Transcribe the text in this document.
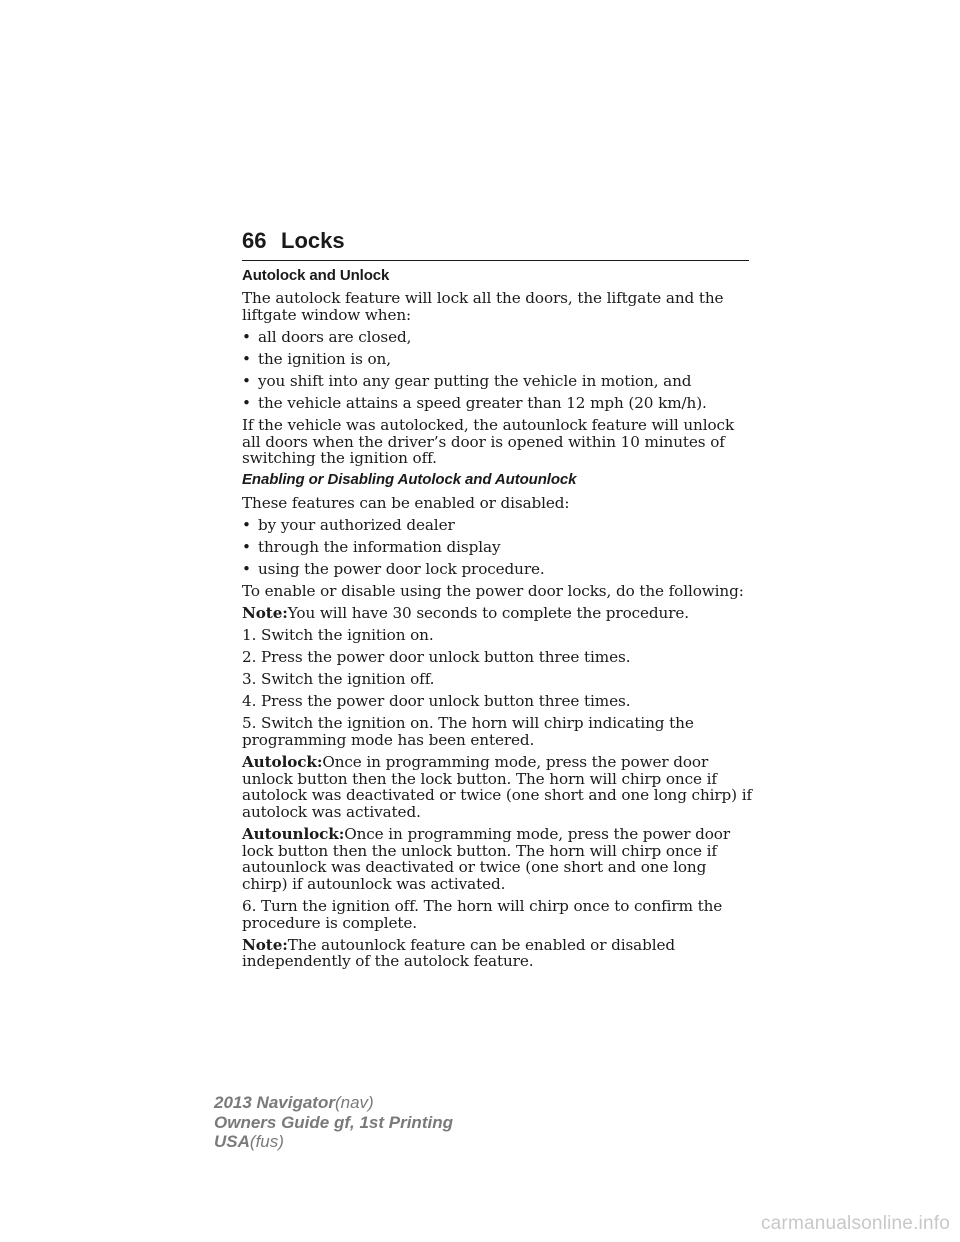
66 Locks

Autolock and Unlock

The autolock feature will lock all the doors, the liftgate and the liftgate window when:

• all doors are closed,
• the ignition is on,
• you shift into any gear putting the vehicle in motion, and
• the vehicle attains a speed greater than 12 mph (20 km/h).

If the vehicle was autolocked, the autounlock feature will unlock all doors when the driver’s door is opened within 10 minutes of switching the ignition off.

Enabling or Disabling Autolock and Autounlock

These features can be enabled or disabled:

• by your authorized dealer
• through the information display
• using the power door lock procedure.

To enable or disable using the power door locks, do the following:

Note:You will have 30 seconds to complete the procedure.

1. Switch the ignition on.

2. Press the power door unlock button three times.

3. Switch the ignition off.

4. Press the power door unlock button three times.

5. Switch the ignition on. The horn will chirp indicating the programming mode has been entered.

Autolock:Once in programming mode, press the power door unlock button then the lock button. The horn will chirp once if autolock was deactivated or twice (one short and one long chirp) if autolock was activated.

Autounlock:Once in programming mode, press the power door lock button then the unlock button. The horn will chirp once if autounlock was deactivated or twice (one short and one long chirp) if autounlock was activated.

6. Turn the ignition off. The horn will chirp once to confirm the procedure is complete.

Note:The autounlock feature can be enabled or disabled independently of the autolock feature.

2013 Navigator(nav)
Owners Guide gf, 1st Printing
USA(fus)
carmanualsonline.info
